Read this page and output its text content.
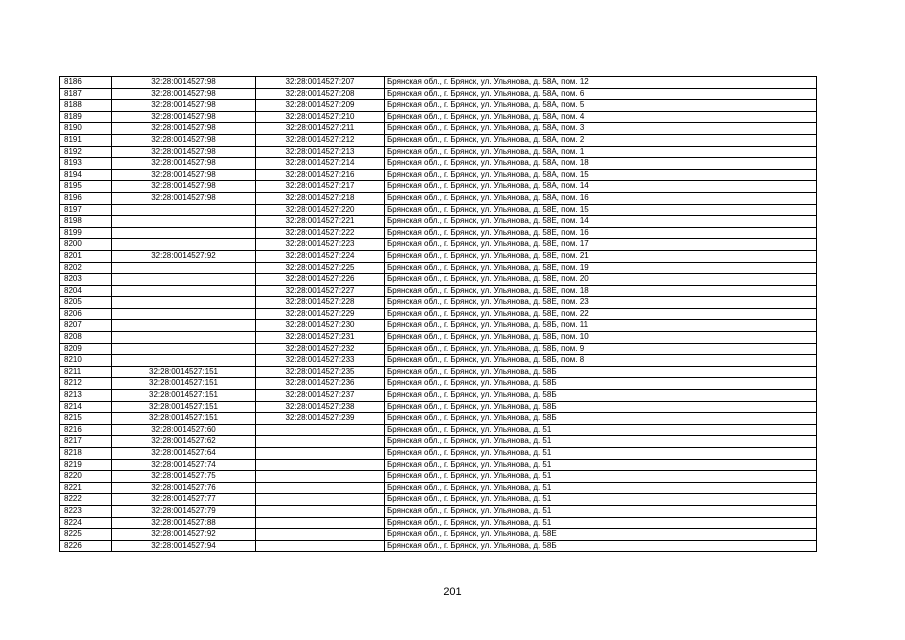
8186	32:28:0014527:98	32:28:0014527:207	Брянская обл., г. Брянск, ул. Ульянова, д. 58А, пом. 12
8187	32:28:0014527:98	32:28:0014527:208	Брянская обл., г. Брянск, ул. Ульянова, д. 58А, пом. 6
8188	32:28:0014527:98	32:28:0014527:209	Брянская обл., г. Брянск, ул. Ульянова, д. 58А, пом. 5
8189	32:28:0014527:98	32:28:0014527:210	Брянская обл., г. Брянск, ул. Ульянова, д. 58А, пом. 4
8190	32:28:0014527:98	32:28:0014527:211	Брянская обл., г. Брянск, ул. Ульянова, д. 58А, пом. 3
8191	32:28:0014527:98	32:28:0014527:212	Брянская обл., г. Брянск, ул. Ульянова, д. 58А, пом. 2
8192	32:28:0014527:98	32:28:0014527:213	Брянская обл., г. Брянск, ул. Ульянова, д. 58А, пом. 1
8193	32:28:0014527:98	32:28:0014527:214	Брянская обл., г. Брянск, ул. Ульянова, д. 58А, пом. 18
8194	32:28:0014527:98	32:28:0014527:216	Брянская обл., г. Брянск, ул. Ульянова, д. 58А, пом. 15
8195	32:28:0014527:98	32:28:0014527:217	Брянская обл., г. Брянск, ул. Ульянова, д. 58А, пом. 14
8196	32:28:0014527:98	32:28:0014527:218	Брянская обл., г. Брянск, ул. Ульянова, д. 58А, пом. 16
8197		32:28:0014527:220	Брянская обл., г. Брянск, ул. Ульянова, д. 58Е, пом. 15
8198		32:28:0014527:221	Брянская обл., г. Брянск, ул. Ульянова, д. 58Е, пом. 14
8199		32:28:0014527:222	Брянская обл., г. Брянск, ул. Ульянова, д. 58Е, пом. 16
8200		32:28:0014527:223	Брянская обл., г. Брянск, ул. Ульянова, д. 58Е, пом. 17
8201	32:28:0014527:92	32:28:0014527:224	Брянская обл., г. Брянск, ул. Ульянова, д. 58Е, пом. 21
8202		32:28:0014527:225	Брянская обл., г. Брянск, ул. Ульянова, д. 58Е, пом. 19
8203		32:28:0014527:226	Брянская обл., г. Брянск, ул. Ульянова, д. 58Е, пом. 20
8204		32:28:0014527:227	Брянская обл., г. Брянск, ул. Ульянова, д. 58Е, пом. 18
8205		32:28:0014527:228	Брянская обл., г. Брянск, ул. Ульянова, д. 58Е, пом. 23
8206		32:28:0014527:229	Брянская обл., г. Брянск, ул. Ульянова, д. 58Е, пом. 22
8207		32:28:0014527:230	Брянская обл., г. Брянск, ул. Ульянова, д. 58Б, пом. 11
8208		32:28:0014527:231	Брянская обл., г. Брянск, ул. Ульянова, д. 58Б, пом. 10
8209		32:28:0014527:232	Брянская обл., г. Брянск, ул. Ульянова, д. 58Б, пом. 9
8210		32:28:0014527:233	Брянская обл., г. Брянск, ул. Ульянова, д. 58Б, пом. 8
8211	32:28:0014527:151	32:28:0014527:235	Брянская обл., г. Брянск, ул. Ульянова, д. 58Б
8212	32:28:0014527:151	32:28:0014527:236	Брянская обл., г. Брянск, ул. Ульянова, д. 58Б
8213	32:28:0014527:151	32:28:0014527:237	Брянская обл., г. Брянск, ул. Ульянова, д. 58Б
8214	32:28:0014527:151	32:28:0014527:238	Брянская обл., г. Брянск, ул. Ульянова, д. 58Б
8215	32:28:0014527:151	32:28:0014527:239	Брянская обл., г. Брянск, ул. Ульянова, д. 58Б
8216	32:28:0014527:60		Брянская обл., г. Брянск, ул. Ульянова, д. 51
8217	32:28:0014527:62		Брянская обл., г. Брянск, ул. Ульянова, д. 51
8218	32:28:0014527:64		Брянская обл., г. Брянск, ул. Ульянова, д. 51
8219	32:28:0014527:74		Брянская обл., г. Брянск, ул. Ульянова, д. 51
8220	32:28:0014527:75		Брянская обл., г. Брянск, ул. Ульянова, д. 51
8221	32:28:0014527:76		Брянская обл., г. Брянск, ул. Ульянова, д. 51
8222	32:28:0014527:77		Брянская обл., г. Брянск, ул. Ульянова, д. 51
8223	32:28:0014527:79		Брянская обл., г. Брянск, ул. Ульянова, д. 51
8224	32:28:0014527:88		Брянская обл., г. Брянск, ул. Ульянова, д. 51
8225	32:28:0014527:92		Брянская обл., г. Брянск, ул. Ульянова, д. 58Е
8226	32:28:0014527:94		Брянская обл., г. Брянск, ул. Ульянова, д. 58Б
201
